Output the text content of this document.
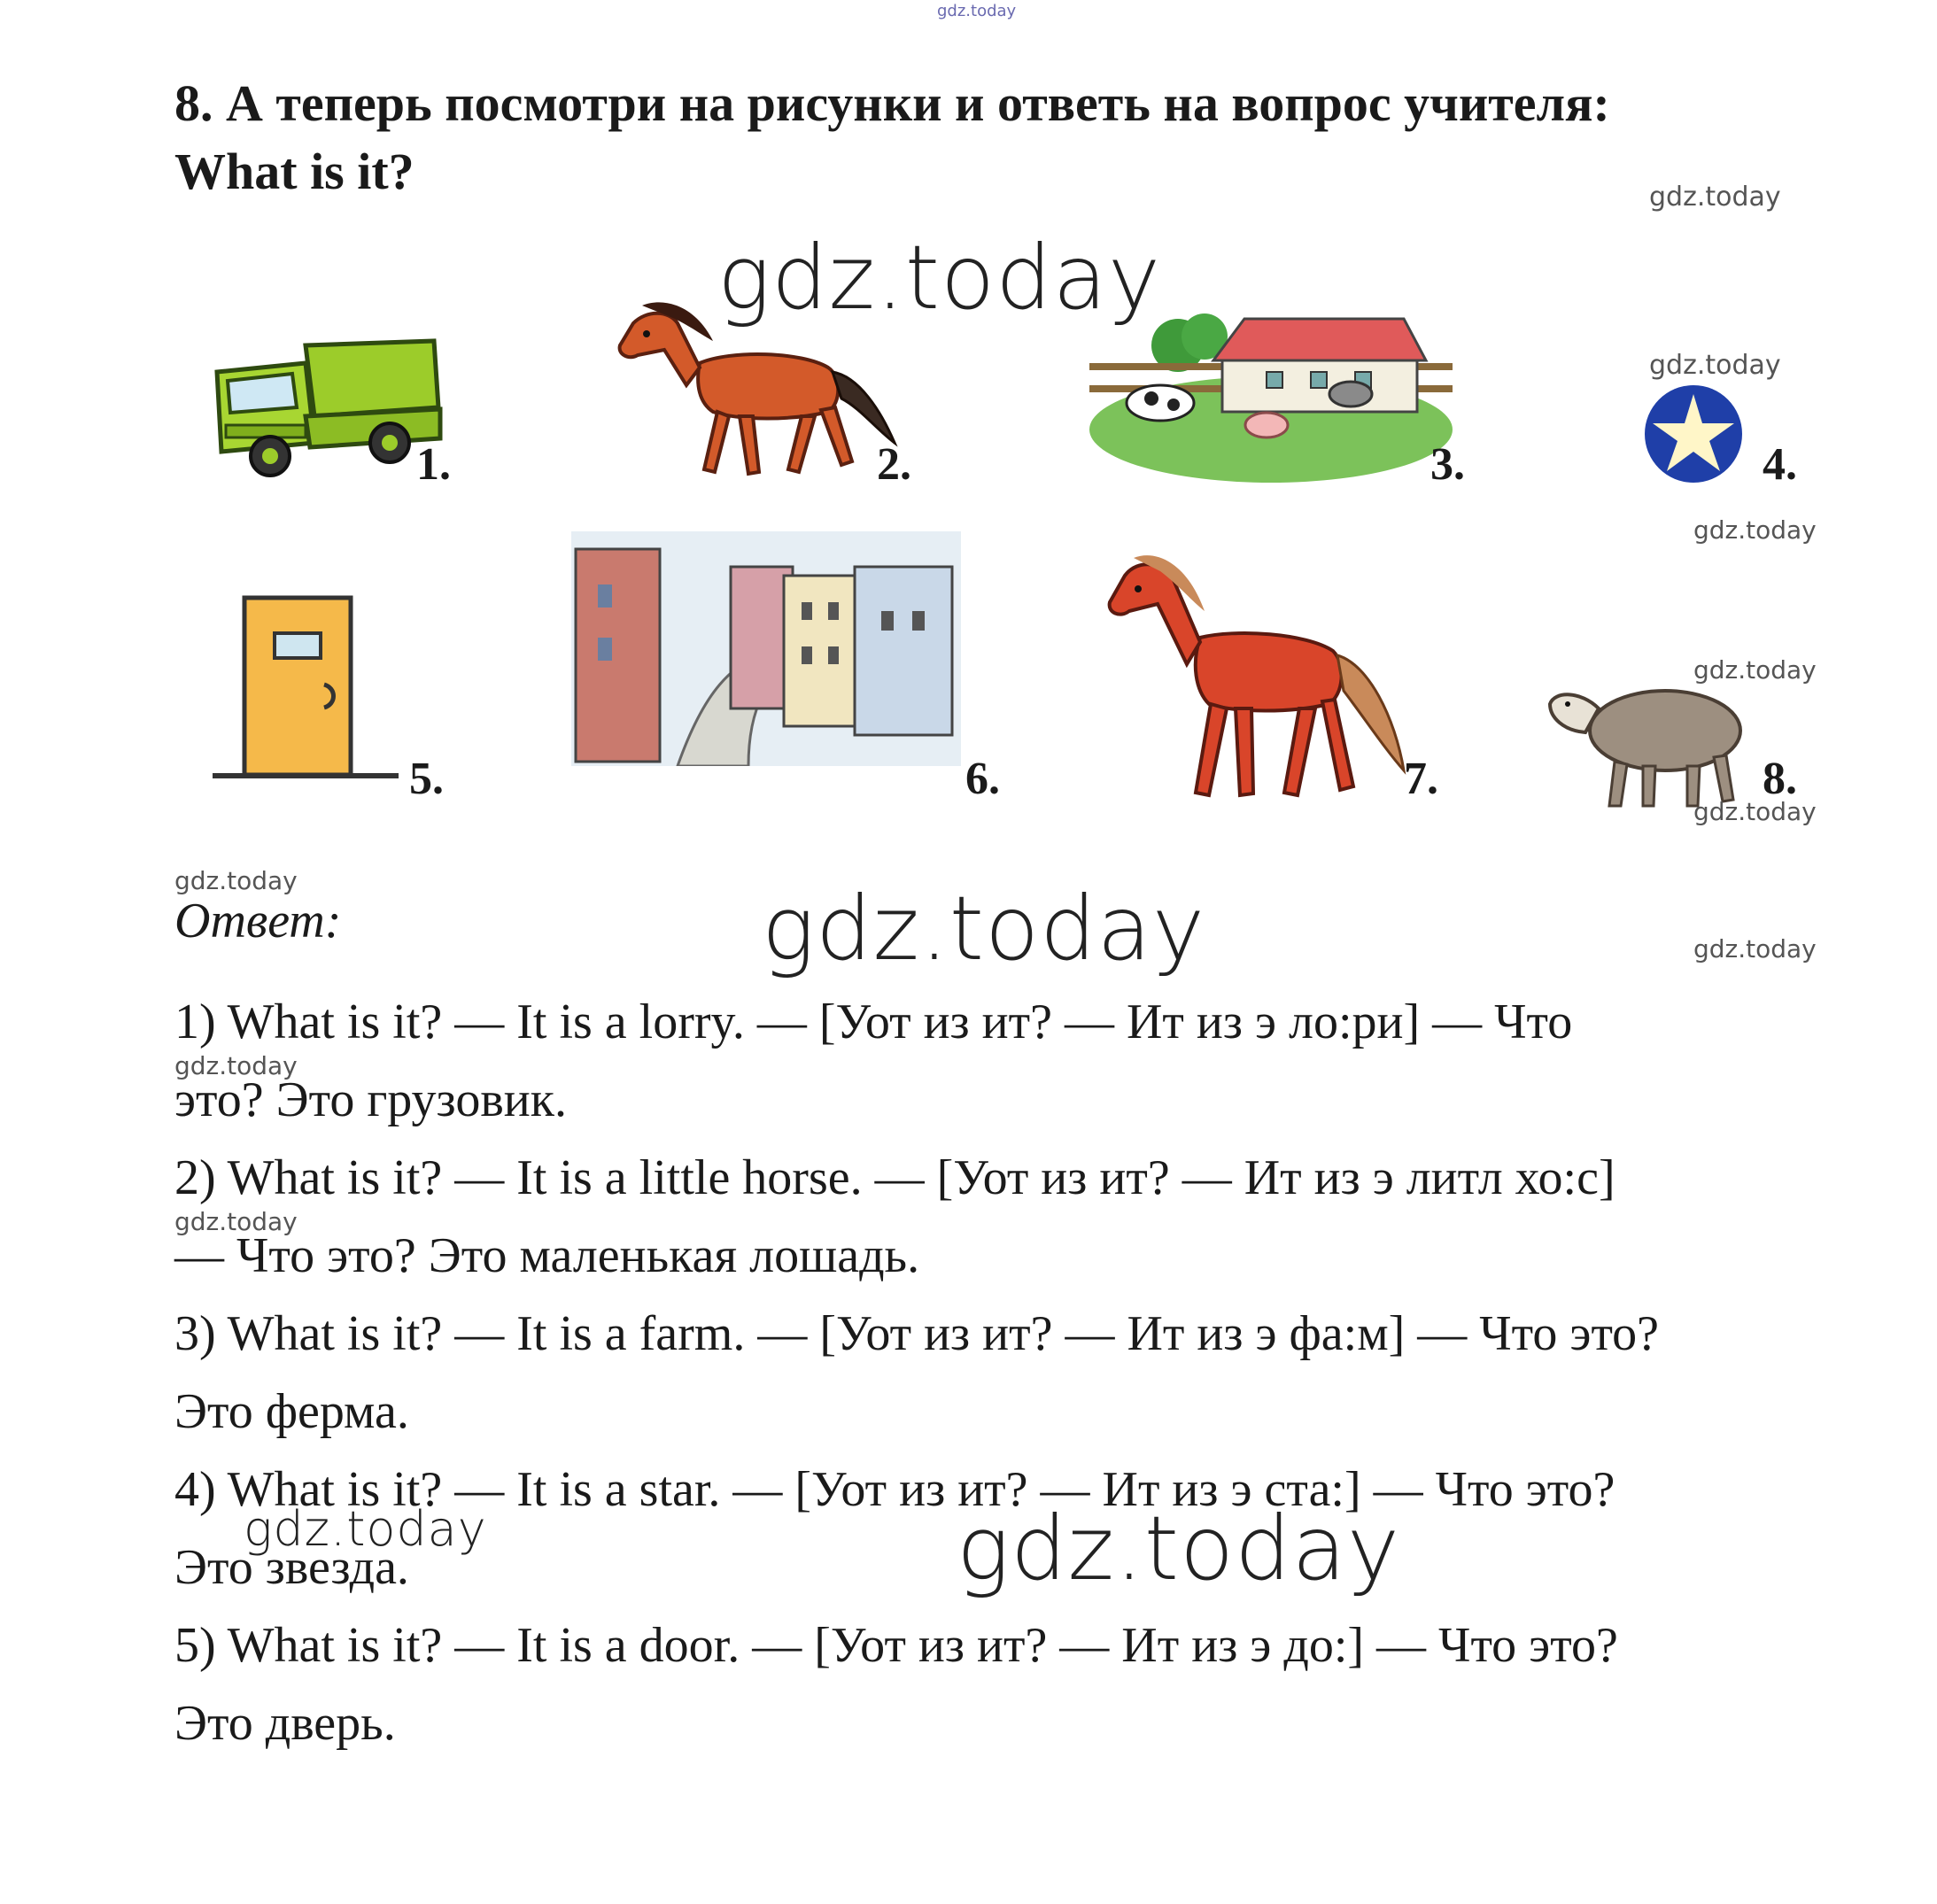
gdz.today
8. А теперь посмотри на рисунки и ответь на вопрос учителя:
What is it?
1.	2.	3.	4.
5.	6.	7.	8.
Ответ:
1) What is it? — It is a lorry. — [Уот из ит? — Ит из э ло:ри] — Что
это? Это грузовик.
2) What is it? — It is a little horse. — [Уот из ит? — Ит из э литл хо:с]
— Что это? Это маленькая лошадь.
3) What is it? — It is a farm. — [Уот из ит? — Ит из э фа:м] — Что это?
Это ферма.
4) What is it? — It is a star. — [Уот из ит? — Ит из э ста:] — Что это?
Это звезда.
5) What is it? — It is a door. — [Уот из ит? — Ит из э до:] — Что это?
Это дверь.
gdz.today
gdz.today
gdz.today
gdz.today
gdz.today
gdz.today
gdz.today
gdz.today
gdz.today
gdz.today
gdz.today
gdz.today
gdz.today
